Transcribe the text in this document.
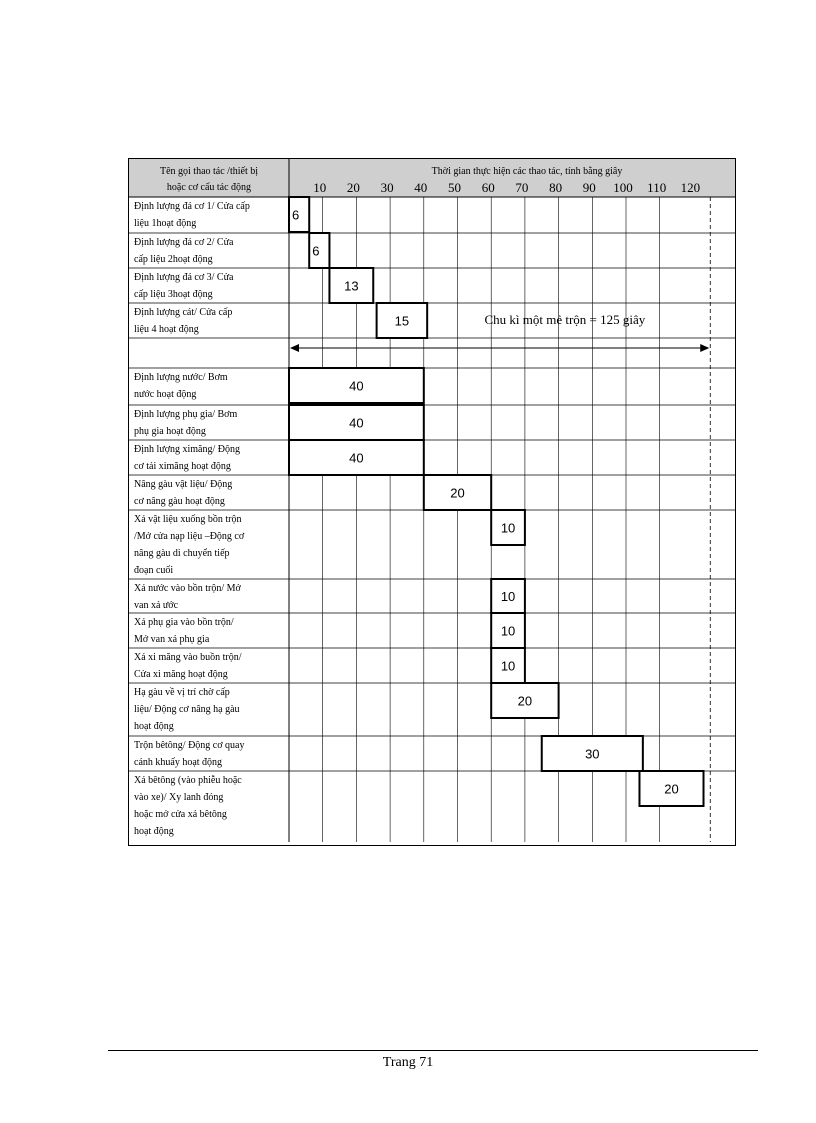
Tên gọi thao tác /thiết bị
hoặc cơ cấu tác động
Thời gian thực hiện các thao tác, tính bằng giây
10 20 30 40 50 60 70 80 90 100 110 120
Định lượng đá cơ 1/ Cửa cấp
liệu 1hoạt động
6
Định lượng đá cơ 2/ Cửa
cấp liệu 2hoạt động
6
Định lượng đá cơ 3/ Cửa
cấp liệu 3hoạt động
13
Định lượng cát/ Cửa cấp
liệu 4 hoạt động
15
Định lượng nước/ Bơm
nước hoạt động
40
Định lượng phụ gia/ Bơm
phụ gia hoạt động
40
Định lượng ximăng/ Động
cơ tải ximăng hoạt động
40
Nâng gàu vật liệu/ Động
cơ nâng gàu hoạt động
20
Xả vật liệu xuống bồn trộn
/Mở cửa nạp liệu –Động cơ
nâng gàu di chuyển tiếp
đoạn cuối
10
Xả nước vào bồn trộn/ Mở
van xả ước
10
Xả phụ gia vào bồn trộn/
Mở van xả phụ gia
10
Xả xi măng vào buồn trộn/
Cửa xi măng hoạt động
10
Hạ gàu về vị trí chờ cấp
liệu/ Động cơ nâng hạ gàu
hoạt động
20
Trộn bêtông/ Động cơ quay
cánh khuấy hoạt động
30
Xả bêtông (vào phiễu hoặc
vào xe)/ Xy lanh đóng
hoặc mở cửa xả bêtông
hoạt động
20
Chu kì một mẻ trộn = 125 giây
Trang 71
